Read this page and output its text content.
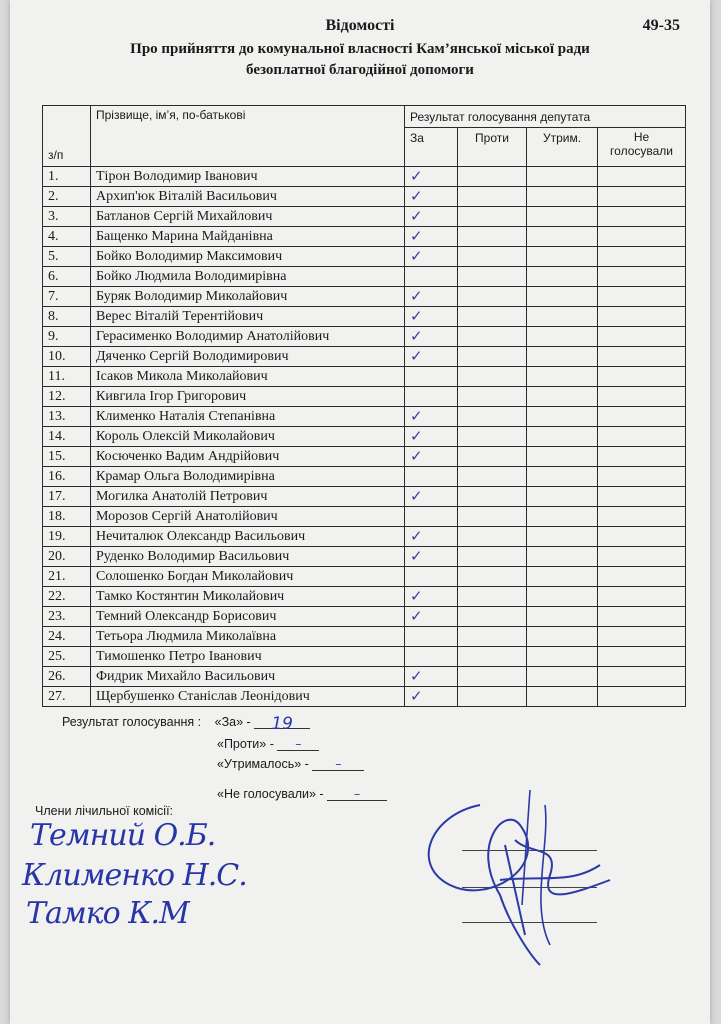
Відомості	49-35
Про прийняття до комунальної власності Кам’янської міської ради
безоплатної благодійної допомоги
з/п	Прізвище, ім’я, по-батькові	Результат голосування депутата			
		За	Проти	Утрим.	Не
голосували
1.	Тірон Володимир Іванович	✓			
2.	Архип'юк Віталій Васильович	✓			
3.	Батланов Сергій Михайлович	✓			
4.	Бащенко Марина Майданівна	✓			
5.	Бойко Володимир Максимович	✓			
6.	Бойко Людмила Володимирівна				
7.	Буряк Володимир Миколайович	✓			
8.	Верес Віталій Терентійович	✓			
9.	Герасименко Володимир Анатолійович	✓			
10.	Дяченко Сергій Володимирович	✓			
11.	Ісаков Микола Миколайович				
12.	Кивгила Ігор Григорович				
13.	Клименко Наталія Степанівна	✓			
14.	Король Олексій Миколайович	✓			
15.	Косюченко Вадим Андрійович	✓			
16.	Крамар Ольга Володимирівна				
17.	Могилка Анатолій Петрович	✓			
18.	Морозов Сергій Анатолійович				
19.	Нечиталюк Олександр Васильович	✓			
20.	Руденко Володимир Васильович	✓			
21.	Солошенко Богдан Миколайович				
22.	Тамко Костянтин Миколайович	✓			
23.	Темний Олександр Борисович	✓			
24.	Тетьора Людмила Миколаївна				
25.	Тимошенко Петро Іванович				
26.	Фидрик Михайло Васильович	✓			
27.	Щербушенко Станіслав Леонідович	✓			
Результат голосування : «За» - 19
«Проти» - –
«Утрималось» - –
«Не голосували» - –
Члени лічильної комісії:
Темний О.Б.
Клименко Н.С.
Тамко К.М
